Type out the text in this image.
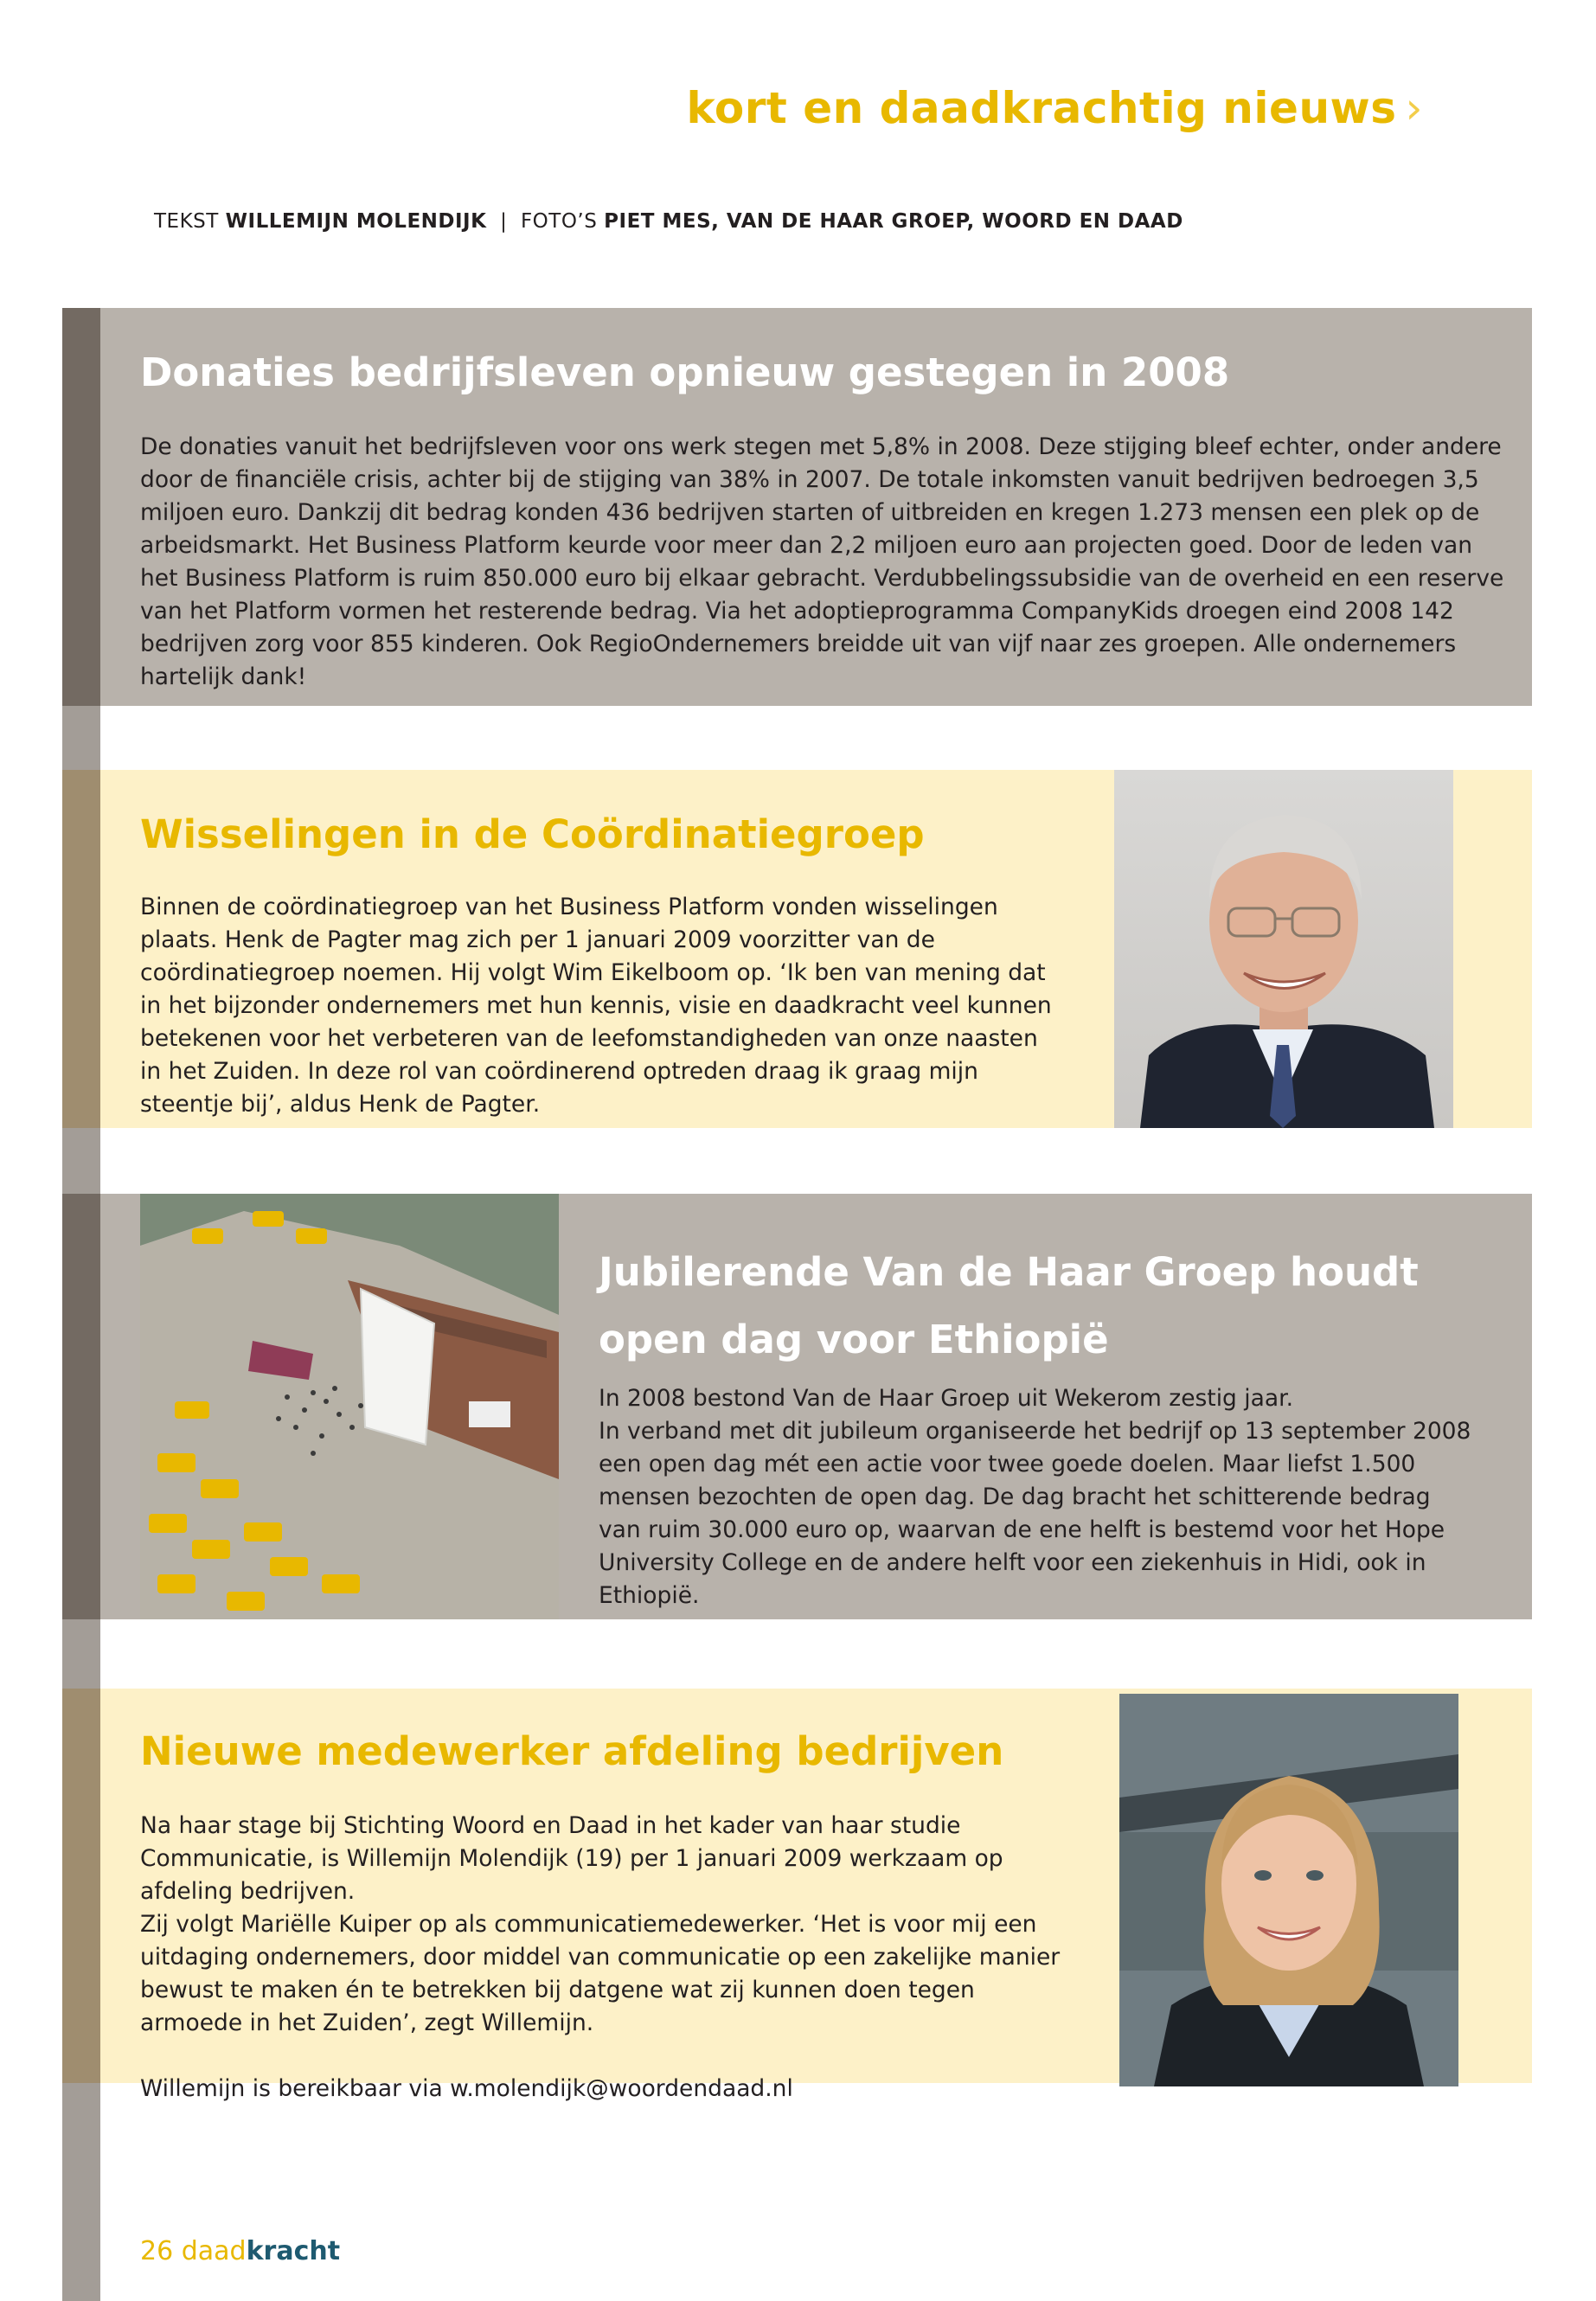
kort en daadkrachtig nieuws ›
TEKST WILLEMIJN MOLENDIJK | FOTO’S PIET MES, VAN DE HAAR GROEP, WOORD EN DAAD
Donaties bedrijfsleven opnieuw gestegen in 2008
De donaties vanuit het bedrijfsleven voor ons werk stegen met 5,8% in 2008. Deze stijging bleef echter, onder andere door de financiële crisis, achter bij de stijging van 38% in 2007. De totale inkomsten vanuit bedrijven bedroegen 3,5 miljoen euro. Dankzij dit bedrag konden 436 bedrijven starten of uitbreiden en kregen 1.273 mensen een plek op de arbeidsmarkt. Het Business Platform keurde voor meer dan 2,2 miljoen euro aan projecten goed. Door de leden van het Business Platform is ruim 850.000 euro bij elkaar gebracht. Verdubbelingssubsidie van de overheid en een reserve van het Platform vormen het resterende bedrag. Via het adoptieprogramma CompanyKids droegen eind 2008 142 bedrijven zorg voor 855 kinderen. Ook RegioOndernemers breidde uit van vijf naar zes groepen. Alle ondernemers hartelijk dank!
Wisselingen in de Coördinatiegroep
Binnen de coördinatiegroep van het Business Platform vonden wisselingen plaats. Henk de Pagter mag zich per 1 januari 2009 voorzitter van de coördinatiegroep noemen. Hij volgt Wim Eikelboom op. ‘Ik ben van mening dat in het bijzonder ondernemers met hun kennis, visie en daadkracht veel kunnen betekenen voor het verbeteren van de leefomstandigheden van onze naasten in het Zuiden. In deze rol van coördinerend optreden draag ik graag mijn steentje bij’, aldus Henk de Pagter.
Jubilerende Van de Haar Groep houdt
open dag voor Ethiopië

In 2008 bestond Van de Haar Groep uit Wekerom zestig jaar.

In verband met dit jubileum organiseerde het bedrijf op 13 september 2008 een open dag mét een actie voor twee goede doelen. Maar liefst 1.500 mensen bezochten de open dag. De dag bracht het schitterende bedrag van ruim 30.000 euro op, waarvan de ene helft is bestemd voor het Hope University College en de andere helft voor een ziekenhuis in Hidi, ook in Ethiopië.

Nieuwe medewerker afdeling bedrijven

Na haar stage bij Stichting Woord en Daad in het kader van haar studie Communicatie, is Willemijn Molendijk (19) per 1 januari 2009 werkzaam op afdeling bedrijven.

Zij volgt Mariëlle Kuiper op als communicatiemedewerker. ‘Het is voor mij een uitdaging ondernemers, door middel van communicatie op een zakelijke manier bewust te maken én te betrekken bij datgene wat zij kunnen doen tegen armoede in het Zuiden’, zegt Willemijn.

Willemijn is bereikbaar via w.molendijk@woordendaad.nl

26 daadkracht
